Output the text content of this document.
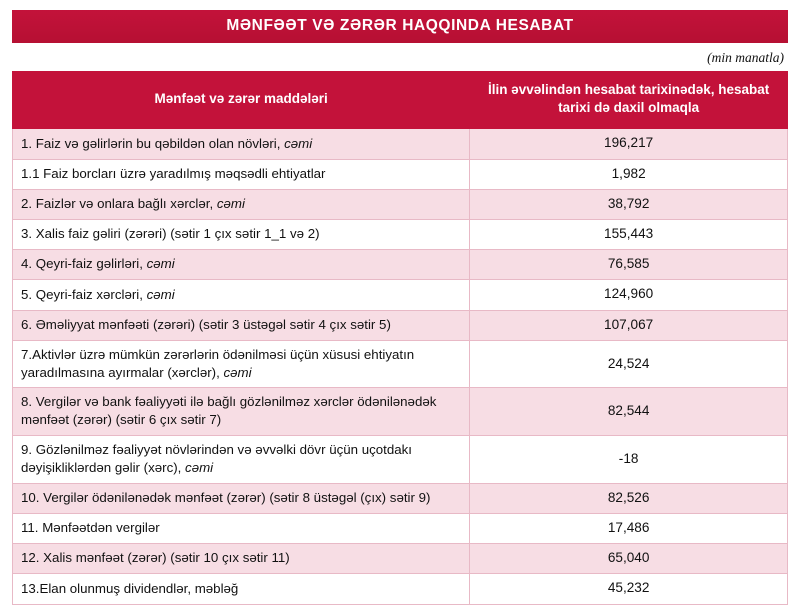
MƏNFƏƏT VƏ ZƏRƏR HAQQINDA HESABAT
(min manatla)
Mənfəət və zərər maddələri	İlin əvvəlindən hesabat tarixinədək, hesabat tarixi də daxil olmaqla
1. Faiz və gəlirlərin bu qəbildən olan növləri, cəmi	196,217
1.1 Faiz borcları üzrə yaradılmış məqsədli ehtiyatlar	1,982
2. Faizlər və onlara bağlı xərclər, cəmi	38,792
3. Xalis faiz gəliri (zərəri) (sətir 1 çıx sətir 1_1 və 2)	155,443
4. Qeyri-faiz gəlirləri, cəmi	76,585
5. Qeyri-faiz xərcləri, cəmi	124,960
6. Əməliyyat mənfəəti (zərəri) (sətir 3 üstəgəl sətir 4 çıx sətir 5)	107,067
7.Aktivlər üzrə mümkün zərərlərin ödənilməsi üçün xüsusi ehtiyatın yaradılmasına ayırmalar (xərclər), cəmi	24,524
8. Vergilər və bank fəaliyyəti ilə bağlı gözlənilməz xərclər ödənilənədək mənfəət (zərər) (sətir 6 çıx sətir 7)	82,544
9. Gözlənilməz fəaliyyət növlərindən və əvvəlki dövr üçün uçotdakı dəyişikliklərdən gəlir (xərc), cəmi	-18
10. Vergilər ödənilənədək mənfəət (zərər) (sətir 8 üstəgəl (çıx) sətir 9)	82,526
11. Mənfəətdən vergilər	17,486
12. Xalis mənfəət (zərər) (sətir 10 çıx sətir 11)	65,040
13.Elan olunmuş dividendlər, məbləğ	45,232
